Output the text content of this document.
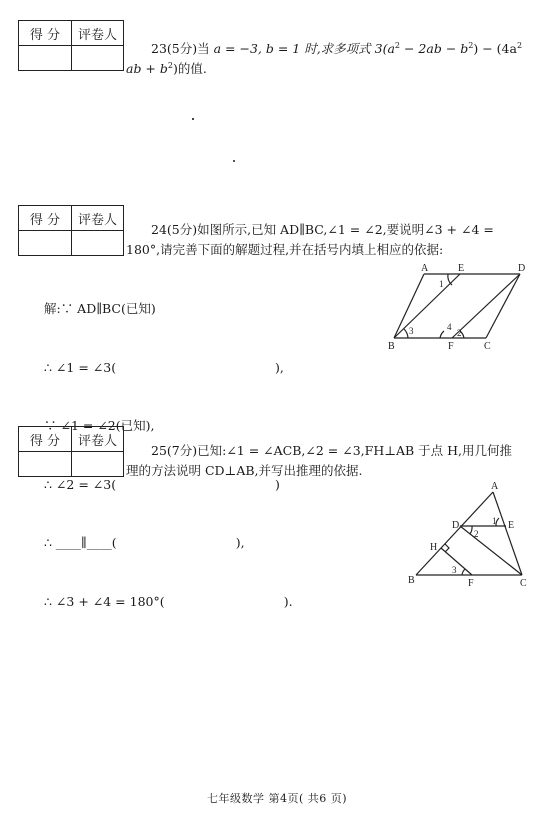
得 分	评卷人

23(5分)当 a = −3, b = 1 时,求多项式 $3(a^2 - 2ab - b^2) - (4a^2$
ab + $b^2$)的值.
得 分	评卷人

24(5分)如图所示,已知 AD∥BC,∠1 = ∠2,要说明∠3 + ∠4 =
180°,请完善下面的解题过程,并在括号内填上相应的依据:

解:∵ AD∥BC(已知)

∴ ∠1 = ∠3(                                        ),

∵ ∠1 = ∠2(已知),

∴ ∠2 = ∠3(                                        )

∴ ____∥____(                              ),

∴ ∠3 + ∠4 = 180°(                              ).

A	E	D
B	F	C
1
3	4
2
得 分	评卷人

25(7分)已知:∠1 = ∠ACB,∠2 = ∠3,FH⊥AB 于点 H,用几何推
理的方法说明 CD⊥AB,并写出推理的依据.
A
D	E
H
B	F	C
1
2
3
七年级数学 第4页( 共6 页)
